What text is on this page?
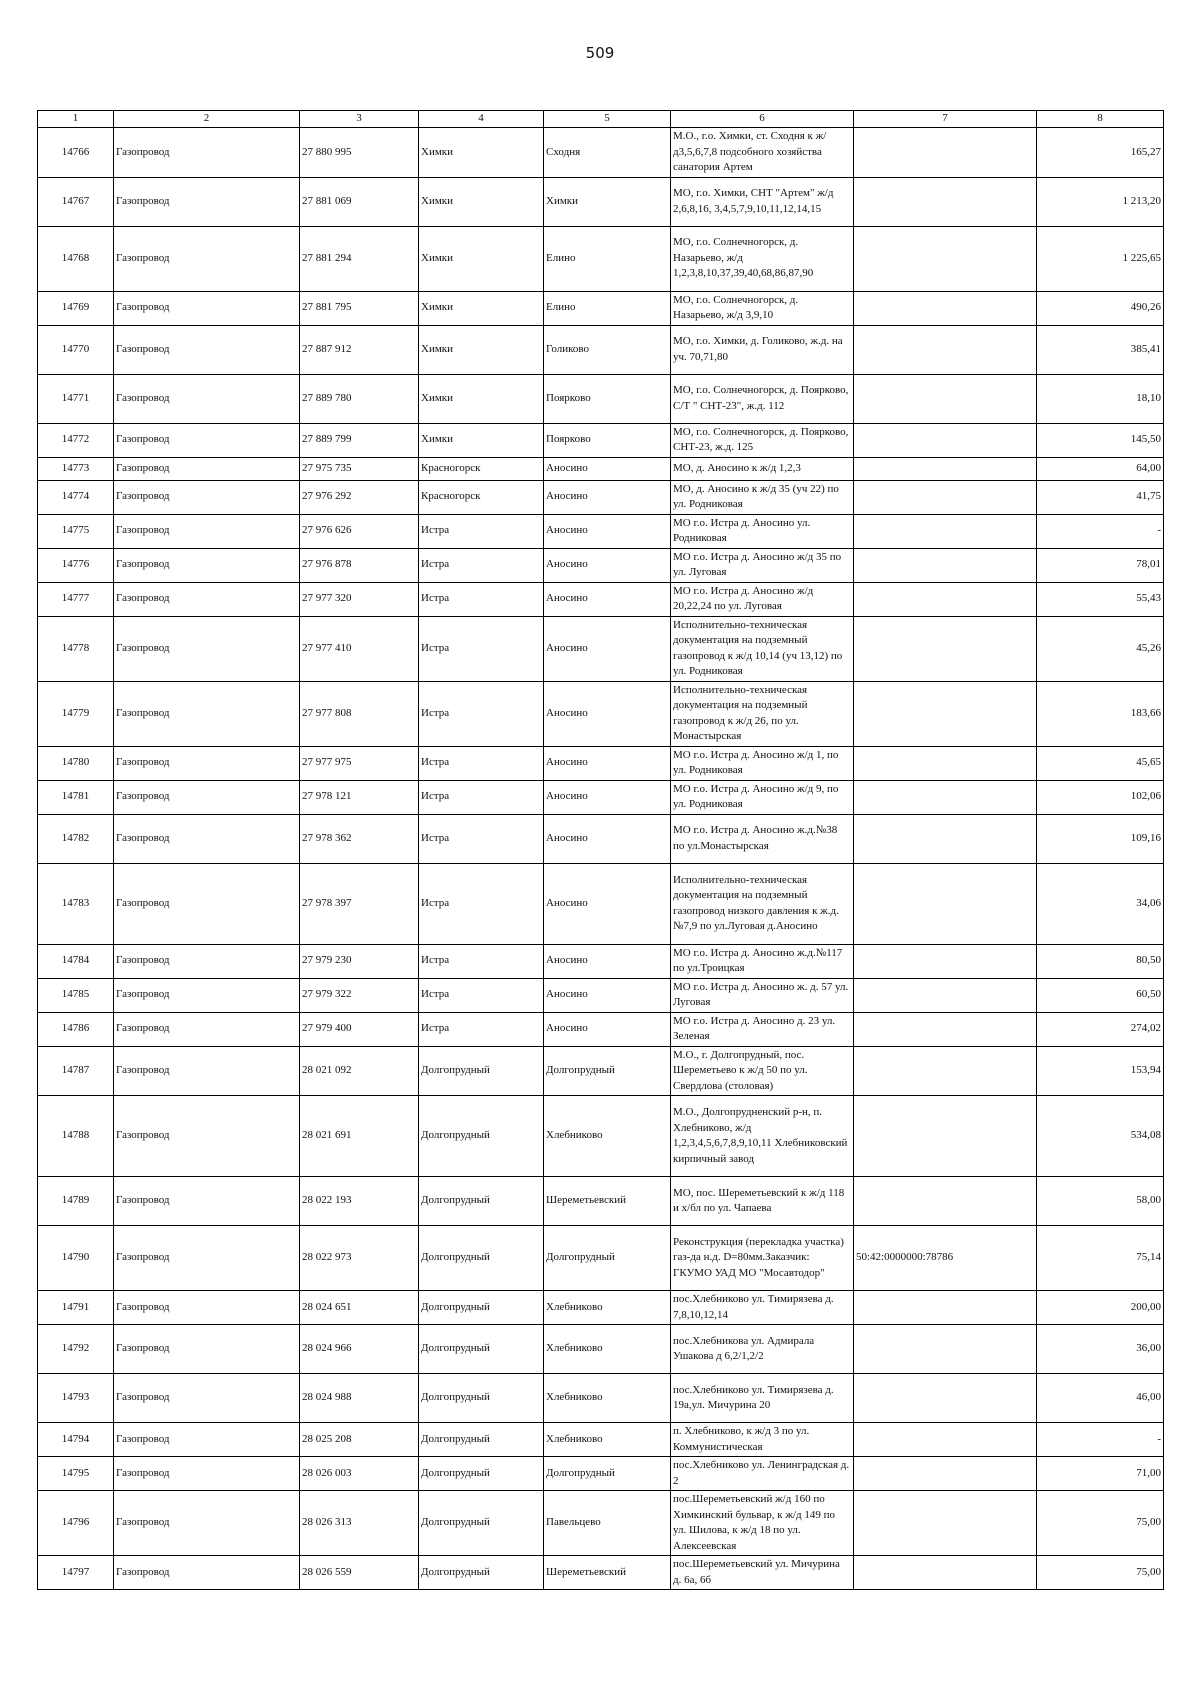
509
1	2	3	4	5	6	7	8
14766	Газопровод	27 880 995	Химки	Сходня	М.О., г.о. Химки, ст. Сходня к ж/д3,5,6,7,8 подсобного хозяйства санатория Артем		165,27
14767	Газопровод	27 881 069	Химки	Химки	МО, г.о. Химки, СНТ "Артем" ж/д 2,6,8,16, 3,4,5,7,9,10,11,12,14,15		1 213,20
14768	Газопровод	27 881 294	Химки	Елино	МО, г.о. Солнечногорск, д. Назарьево, ж/д 1,2,3,8,10,37,39,40,68,86,87,90		1 225,65
14769	Газопровод	27 881 795	Химки	Елино	МО, г.о. Солнечногорск, д. Назарьево, ж/д 3,9,10		490,26
14770	Газопровод	27 887 912	Химки	Голиково	МО, г.о. Химки, д. Голиково, ж.д. на уч. 70,71,80		385,41
14771	Газопровод	27 889 780	Химки	Поярково	МО, г.о. Солнечногорск, д. Поярково, С/Т " СНТ-23", ж.д. 112		18,10
14772	Газопровод	27 889 799	Химки	Поярково	МО, г.о. Солнечногорск, д. Поярково, СНТ-23, ж.д. 125		145,50
14773	Газопровод	27 975 735	Красногорск	Аносино	МО, д. Аносино к ж/д 1,2,3		64,00
14774	Газопровод	27 976 292	Красногорск	Аносино	МО, д. Аносино к ж/д 35 (уч 22) по ул. Родниковая		41,75
14775	Газопровод	27 976 626	Истра	Аносино	МО г.о. Истра д. Аносино ул. Родниковая		-
14776	Газопровод	27 976 878	Истра	Аносино	МО г.о. Истра д. Аносино ж/д 35 по ул. Луговая		78,01
14777	Газопровод	27 977 320	Истра	Аносино	МО г.о. Истра д. Аносино ж/д 20,22,24 по ул. Луговая		55,43
14778	Газопровод	27 977 410	Истра	Аносино	Исполнительно-техническая документация на подземный газопровод к ж/д 10,14 (уч 13,12) по ул. Родниковая		45,26
14779	Газопровод	27 977 808	Истра	Аносино	Исполнительно-техническая документация на подземный газопровод к ж/д 26, по ул. Монастырская		183,66
14780	Газопровод	27 977 975	Истра	Аносино	МО г.о. Истра д. Аносино ж/д 1, по ул. Родниковая		45,65
14781	Газопровод	27 978 121	Истра	Аносино	МО г.о. Истра д. Аносино ж/д 9, по ул. Родниковая		102,06
14782	Газопровод	27 978 362	Истра	Аносино	МО г.о. Истра д. Аносино ж.д.№38 по ул.Монастырская		109,16
14783	Газопровод	27 978 397	Истра	Аносино	Исполнительно-техническая документация на подземный газопровод низкого давления к ж.д.№7,9 по ул.Луговая д.Аносино		34,06
14784	Газопровод	27 979 230	Истра	Аносино	МО г.о. Истра д. Аносино ж.д.№117 по ул.Троицкая		80,50
14785	Газопровод	27 979 322	Истра	Аносино	МО г.о. Истра д. Аносино ж. д. 57 ул. Луговая		60,50
14786	Газопровод	27 979 400	Истра	Аносино	МО г.о. Истра д. Аносино д. 23 ул. Зеленая		274,02
14787	Газопровод	28 021 092	Долгопрудный	Долгопрудный	М.О., г. Долгопрудный, пос. Шереметьево к ж/д 50 по ул. Свердлова (столовая)		153,94
14788	Газопровод	28 021 691	Долгопрудный	Хлебниково	М.О., Долгопрудненский р-н, п. Хлебниково, ж/д 1,2,3,4,5,6,7,8,9,10,11 Хлебниковский кирпичный завод		534,08
14789	Газопровод	28 022 193	Долгопрудный	Шереметьевский	МО, пос. Шереметьевский к ж/д 118 и х/бл по ул. Чапаева		58,00
14790	Газопровод	28 022 973	Долгопрудный	Долгопрудный	Реконструкция (перекладка участка) газ-да н.д. D=80мм.Заказчик: ГКУМО УАД МО "Мосавтодор"	50:42:0000000:78786	75,14
14791	Газопровод	28 024 651	Долгопрудный	Хлебниково	пос.Хлебниково ул. Тимирязева д. 7,8,10,12,14		200,00
14792	Газопровод	28 024 966	Долгопрудный	Хлебниково	пос.Хлебникова ул. Адмирала Ушакова д 6,2/1,2/2		36,00
14793	Газопровод	28 024 988	Долгопрудный	Хлебниково	пос.Хлебниково ул. Тимирязева д. 19а,ул. Мичурина 20		46,00
14794	Газопровод	28 025 208	Долгопрудный	Хлебниково	п. Хлебниково, к ж/д 3 по ул. Коммунистическая		-
14795	Газопровод	28 026 003	Долгопрудный	Долгопрудный	пос.Хлебниково ул. Ленинградская д. 2		71,00
14796	Газопровод	28 026 313	Долгопрудный	Павельцево	пос.Шереметьевский ж/д 160 по Химкинский бульвар, к ж/д 149 по ул. Шилова, к ж/д 18 по ул. Алексеевская		75,00
14797	Газопровод	28 026 559	Долгопрудный	Шереметьевский	пос.Шереметьевский ул. Мичурина д. 6а, 6б		75,00
